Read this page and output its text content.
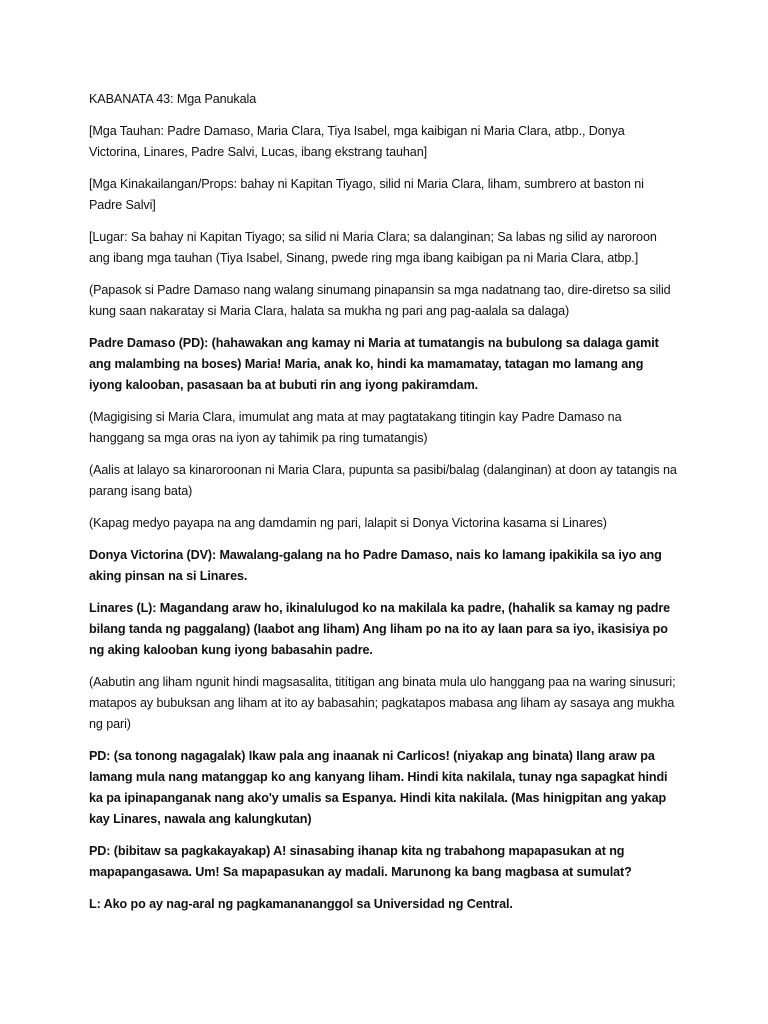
KABANATA 43: Mga Panukala

[Mga Tauhan: Padre Damaso, Maria Clara, Tiya Isabel, mga kaibigan ni Maria Clara, atbp., Donya Victorina, Linares, Padre Salvi, Lucas, ibang ekstrang tauhan]

[Mga Kinakailangan/Props: bahay ni Kapitan Tiyago, silid ni Maria Clara, liham, sumbrero at baston ni Padre Salvi]

[Lugar: Sa bahay ni Kapitan Tiyago; sa silid ni Maria Clara; sa dalanginan; Sa labas ng silid ay naroroon ang ibang mga tauhan (Tiya Isabel, Sinang, pwede ring mga ibang kaibigan pa ni Maria Clara, atbp.]

(Papasok si Padre Damaso nang walang sinumang pinapansin sa mga nadatnang tao, dire-diretso sa silid kung saan nakaratay si Maria Clara, halata sa mukha ng pari ang pag-aalala sa dalaga)

Padre Damaso (PD): (hahawakan ang kamay ni Maria at tumatangis na bubulong sa dalaga gamit ang malambing na boses) Maria! Maria, anak ko, hindi ka mamamatay, tatagan mo lamang ang iyong kalooban, pasasaan ba at bubuti rin ang iyong pakiramdam.

(Magigising si Maria Clara, imumulat ang mata at may pagtatakang titingin kay Padre Damaso na hanggang sa mga oras na iyon ay tahimik pa ring tumatangis)

(Aalis at lalayo sa kinaroroonan ni Maria Clara, pupunta sa pasibi/balag (dalanginan) at doon ay tatangis na parang isang bata)

(Kapag medyo payapa na ang damdamin ng pari, lalapit si Donya Victorina kasama si Linares)

Donya Victorina (DV): Mawalang-galang na ho Padre Damaso, nais ko lamang ipakikila sa iyo ang aking pinsan na si Linares.

Linares (L): Magandang araw ho, ikinalulugod ko na makilala ka padre, (hahalik sa kamay ng padre bilang tanda ng paggalang) (Iaabot ang liham) Ang liham po na ito ay laan para sa iyo, ikasisiya po ng aking kalooban kung iyong babasahin padre.

(Aabutin ang liham ngunit hindi magsasalita, titítigan ang binata mula ulo hanggang paa na waring sinusuri; matapos ay bubuksan ang liham at ito ay babasahin; pagkatapos mabasa ang liham ay sasaya ang mukha ng pari)

PD: (sa tonong nagagalak) Ikaw pala ang inaanak ni Carlicos! (niyakap ang binata) Ilang araw pa lamang mula nang matanggap ko ang kanyang liham. Hindi kita nakilala, tunay nga sapagkat hindi ka pa ipinapanganak nang ako'y umalis sa Espanya. Hindi kita nakilala. (Mas hinigpitan ang yakap kay Linares, nawala ang kalungkutan)

PD: (bibitaw sa pagkakayakap) A! sinasabing ihanap kita ng trabahong mapapasukan at ng mapapangasawa. Um! Sa mapapasukan ay madali. Marunong ka bang magbasa at sumulat?

L: Ako po ay nag-aral ng pagkamanananggol sa Universidad ng Central.
